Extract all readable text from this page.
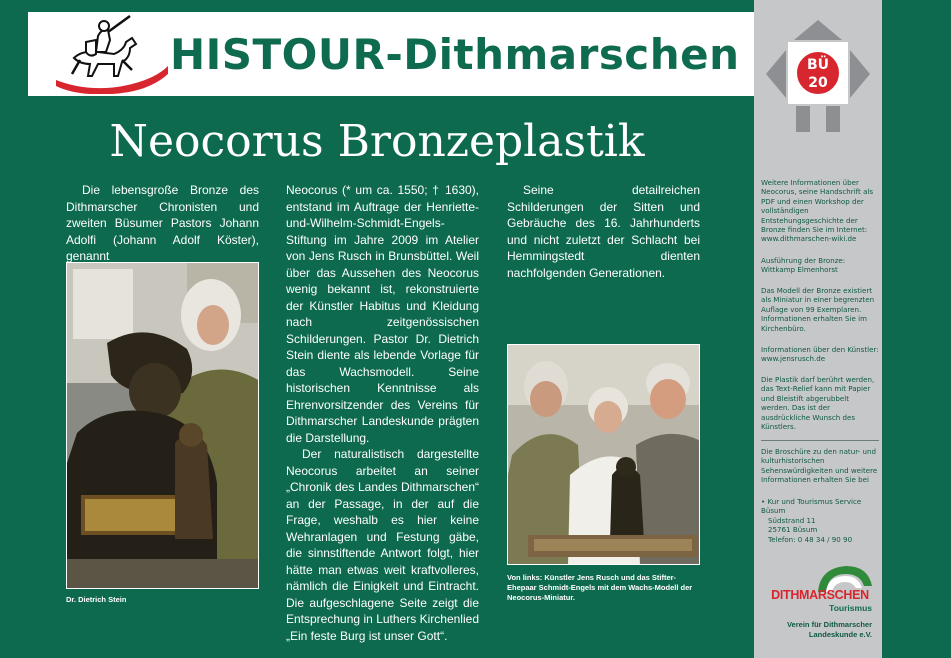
HISTOUR-Dithmarschen	BÜ
20
Weitere Informationen über Neocorus, seine Handschrift als PDF und einen Workshop der vollständigen Entstehungsgeschichte der Bronze finden Sie im Internet:
www.dithmarschen-wiki.de
Ausführung der Bronze:
Wittkamp Elmenhorst
Das Modell der Bronze existiert als Miniatur in einer begrenzten Auflage von 99 Exemplaren. Informationen erhalten Sie im Kirchenbüro.
Informationen über den Künstler:
www.jensrusch.de
Die Plastik darf berührt werden, das Text-Relief kann mit Papier und Bleistift abgerubbelt werden. Das ist der ausdrückliche Wunsch des Künstlers.
Die Broschüre zu den natur- und kulturhistorischen Sehenswürdigkeiten und weitere Informationen erhalten Sie bei
• Kur und Tourismus Service Büsum
Südstrand 11
25761 Büsum
Telefon: 0 48 34 / 90 90
DITHMARSCHEN
Tourismus
Verein für Dithmarscher
Landeskunde e.V.
Neocorus Bronzeplastik

Die lebensgroße Bronze des Dithmarscher Chronisten und zweiten Büsumer Pastors Johann Adolfi (Johann Adolf Köster), genannt

Dr. Dietrich Stein

Neocorus (* um ca. 1550; † 1630), entstand im Auftrage der Henriette-und-Wilhelm-Schmidt-Engels-Stiftung im Jahre 2009 im Atelier von Jens Rusch in Brunsbüttel. Weil über das Aussehen des Neocorus wenig bekannt ist, rekonstruierte der Künstler Habitus und Kleidung nach zeitgenössischen Schilderungen. Pastor Dr. Dietrich Stein diente als lebende Vorlage für das Wachsmodell. Seine historischen Kenntnisse als Ehrenvorsitzender des Vereins für Dithmarscher Landeskunde prägten die Darstellung.

Der naturalistisch dargestellte Neocorus arbeitet an seiner „Chronik des Landes Dithmarschen“ an der Passage, in der auf die Frage, weshalb es hier keine Wehranlagen und Festung gäbe, die sinnstiftende Antwort folgt, hier hätte man etwas weit kraftvolleres, nämlich die Einigkeit und Eintracht. Die aufgeschlagene Seite zeigt die Entsprechung in Luthers Kirchenlied „Ein feste Burg ist unser Gott“.

Seine detailreichen Schilderungen der Sitten und Gebräuche des 16. Jahrhunderts und nicht zuletzt der Schlacht bei Hemmingstedt dienten nachfolgenden Generationen.

Von links: Künstler Jens Rusch und das Stifter-Ehepaar Schmidt-Engels mit dem Wachs-Modell der Neocorus-Miniatur.
